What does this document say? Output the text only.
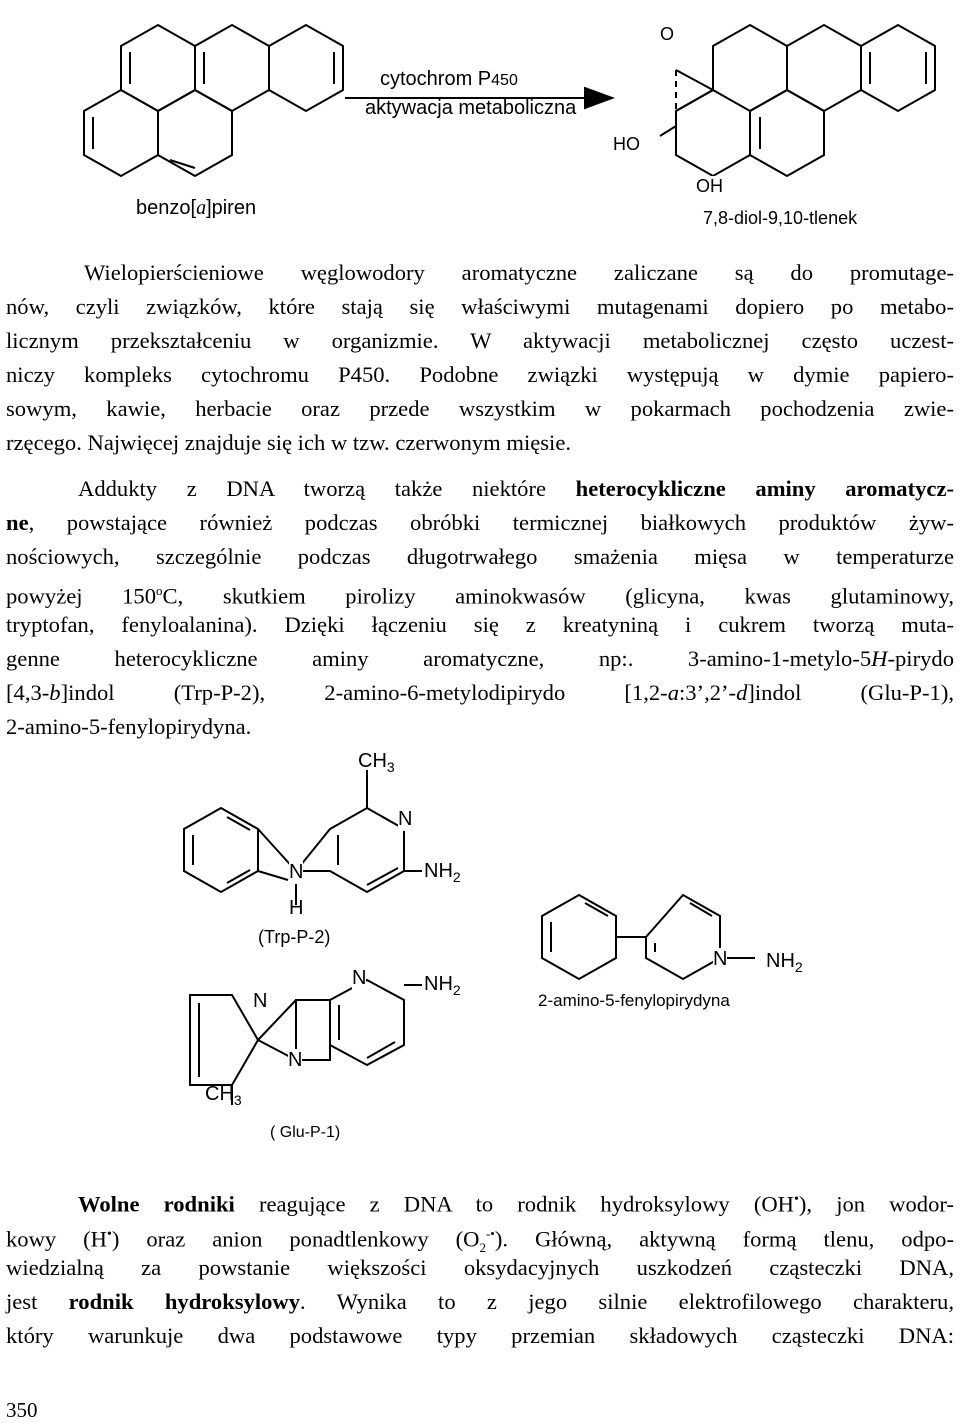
cytochrom P450
aktywacja metaboliczna
O
HO
OH
benzo[a]piren	7,8-diol-9,10-tlenek
Wielopierścieniowe węglowodory aromatyczne zaliczane są do promutage-
nów, czyli związków, które stają się właściwymi mutagenami dopiero po metabo-
licznym przekształceniu w organizmie. W aktywacji metabolicznej często uczest-
niczy kompleks cytochromu P450. Podobne związki występują w dymie papiero-
sowym, kawie, herbacie oraz przede wszystkim w pokarmach pochodzenia zwie-
rzęcego. Najwięcej znajduje się ich w tzw. czerwonym mięsie.
Addukty z DNA tworzą także niektóre heterocykliczne aminy aromatycz-
ne, powstające również podczas obróbki termicznej białkowych produktów żyw-
nościowych, szczególnie podczas długotrwałego smażenia mięsa w temperaturze
powyżej 150$^o$C, skutkiem pirolizy aminokwasów (glicyna, kwas glutaminowy,
tryptofan, fenyloalanina). Dzięki łączeniu się z kreatyniną i cukrem tworzą muta-
genne heterocykliczne aminy aromatyczne, np:. 3-amino-1-metylo-5H-pirydo
[4,3-b]indol (Trp-P-2), 2-amino-6-metylodipirydo [1,2-a:3’,2’-d]indol (Glu-P-1),
2-amino-5-fenylopirydyna.
$CH_3$
N
N
H
$NH_2$
(Trp-P-2)
N
N
N
$NH_2$
$CH_3$
( Glu-P-1)
N $NH_2$
2-amino-5-fenylopirydyna
Wolne rodniki reagujące z DNA to rodnik hydroksylowy (OH•), jon wodor-
kowy (H•) oraz anion ponadtlenkowy $(O_2^{-•})$. Główną, aktywną formą tlenu, odpo-
wiedzialną za powstanie większości oksydacyjnych uszkodzeń cząsteczki DNA,
jest rodnik hydroksylowy. Wynika to z jego silnie elektrofilowego charakteru,
który warunkuje dwa podstawowe typy przemian składowych cząsteczki DNA:
350
